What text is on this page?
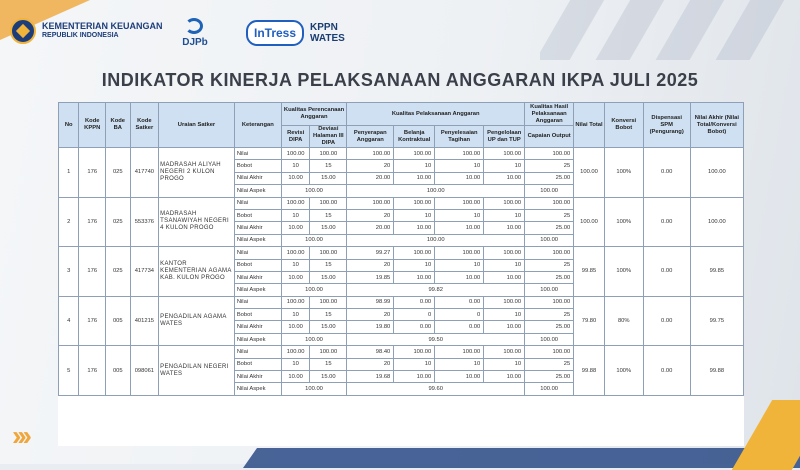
KEMENTERIAN KEUANGAN
REPUBLIK INDONESIA
DJPb
InTress KPPN
WATES
INDIKATOR KINERJA PELAKSANAAN ANGGARAN IKPA JULI 2025
No	Kode KPPN	Kode BA	Kode Satker	Uraian Satker	Keterangan	Kualitas Perencanaan Anggaran		Kualitas Pelaksanaan Anggaran				Kualitas Hasil Pelaksanaan Anggaran	Nilai Total	Konversi Bobot	Dispensasi SPM (Pengurang)	Nilai Akhir (Nilai Total/Konversi Bobot)
						Revisi DIPA	Deviasi Halaman III DIPA	Penyerapan Anggaran	Belanja Kontraktual	Penyelesaian Tagihan	Pengelolaan UP dan TUP	Capaian Output				
1	176	025	417740	MADRASAH ALIYAH NEGERI 2 KULON PROGO	Nilai	100.00	100.00	100.00	100.00	100.00	100.00	100.00	100.00	100%	0.00	100.00
					Bobot	10	15	20	10	10	10	25				
					Nilai Akhir	10.00	15.00	20.00	10.00	10.00	10.00	25.00				
					Nilai Aspek	100.00		100.00				100.00				
2	176	025	553376	MADRASAH TSANAWIYAH NEGERI 4 KULON PROGO	Nilai	100.00	100.00	100.00	100.00	100.00	100.00	100.00	100.00	100%	0.00	100.00
					Bobot	10	15	20	10	10	10	25				
					Nilai Akhir	10.00	15.00	20.00	10.00	10.00	10.00	25.00				
					Nilai Aspek	100.00		100.00				100.00				
3	176	025	417734	KANTOR KEMENTERIAN AGAMA KAB. KULON PROGO	Nilai	100.00	100.00	99.27	100.00	100.00	100.00	100.00	99.85	100%	0.00	99.85
					Bobot	10	15	20	10	10	10	25				
					Nilai Akhir	10.00	15.00	19.85	10.00	10.00	10.00	25.00				
					Nilai Aspek	100.00		99.82				100.00				
4	176	005	401215	PENGADILAN AGAMA WATES	Nilai	100.00	100.00	98.99	0.00	0.00	100.00	100.00	79.80	80%	0.00	99.75
					Bobot	10	15	20	0	0	10	25				
					Nilai Akhir	10.00	15.00	19.80	0.00	0.00	10.00	25.00				
					Nilai Aspek	100.00		99.50				100.00				
5	176	005	098061	PENGADILAN NEGERI WATES	Nilai	100.00	100.00	98.40	100.00	100.00	100.00	100.00	99.88	100%	0.00	99.88
					Bobot	10	15	20	10	10	10	25				
					Nilai Akhir	10.00	15.00	19.68	10.00	10.00	10.00	25.00				
					Nilai Aspek	100.00		99.60				100.00				
›››
